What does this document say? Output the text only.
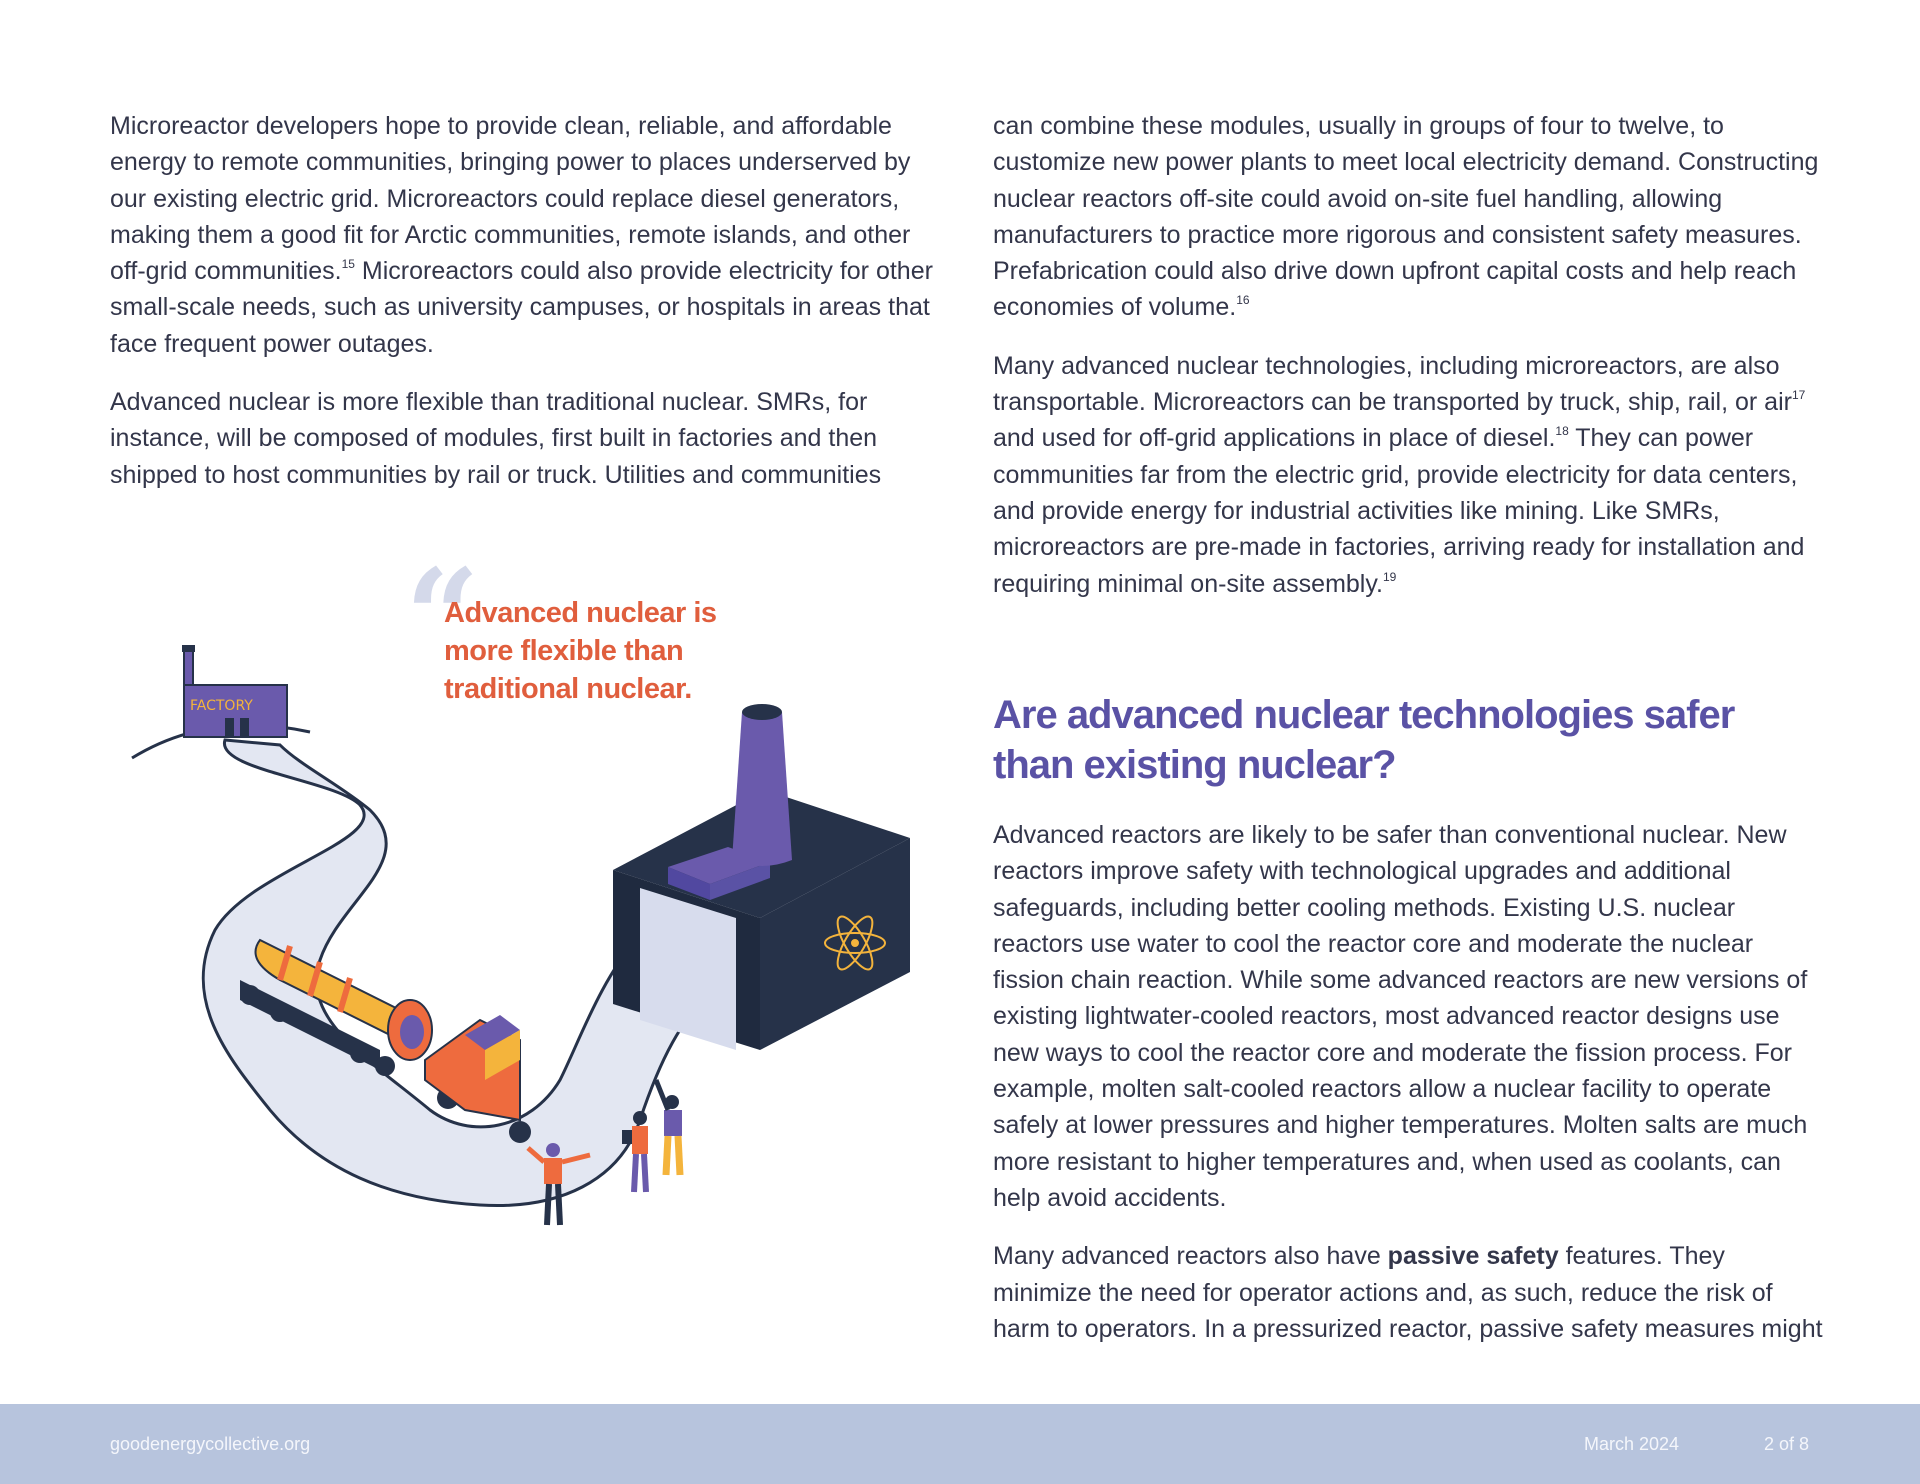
Microreactor developers hope to provide clean, reliable, and affordable energy to remote communities, bringing power to places underserved by our existing electric grid. Microreactors could replace diesel generators, making them a good fit for Arctic communities, remote islands, and other off-grid communities.$^{15}$ Microreactors could also provide electricity for other small-scale needs, such as university campuses, or hospitals in areas that face frequent power outages.

Advanced nuclear is more flexible than traditional nuclear. SMRs, for instance, will be composed of modules, first built in factories and then shipped to host communities by rail or truck. Utilities and communities

can combine these modules, usually in groups of four to twelve, to customize new power plants to meet local electricity demand. Constructing nuclear reactors off-site could avoid on-site fuel handling, allowing manufacturers to practice more rigorous and consistent safety measures. Prefabrication could also drive down upfront capital costs and help reach economies of volume.$^{16}$

Many advanced nuclear technologies, including microreactors, are also transportable. Microreactors can be transported by truck, ship, rail, or air$^{17}$ and used for off-grid applications in place of diesel.$^{18}$ They can power communities far from the electric grid, provide electricity for data centers, and provide energy for industrial activities like mining. Like SMRs, microreactors are pre-made in factories, arriving ready for installation and requiring minimal on-site assembly.$^{19}$

Are advanced nuclear technologies safer than existing nuclear?

Advanced reactors are likely to be safer than conventional nuclear. New reactors improve safety with technological upgrades and additional safeguards, including better cooling methods. Existing U.S. nuclear reactors use water to cool the reactor core and moderate the nuclear fission chain reaction. While some advanced reactors are new versions of existing lightwater-cooled reactors, most advanced reactor designs use new ways to cool the reactor core and moderate the fission process. For example, molten salt-cooled reactors allow a nuclear facility to operate safely at lower pressures and higher temperatures. Molten salts are much more resistant to higher temperatures and, when used as coolants, can help avoid accidents.

Many advanced reactors also have passive safety features. They minimize the need for operator actions and, as such, reduce the risk of harm to operators. In a pressurized reactor, passive safety measures might

“
Advanced nuclear is more flexible than traditional nuclear.
FACTORY
goodenergycollective.org	March 2024	2 of 8
